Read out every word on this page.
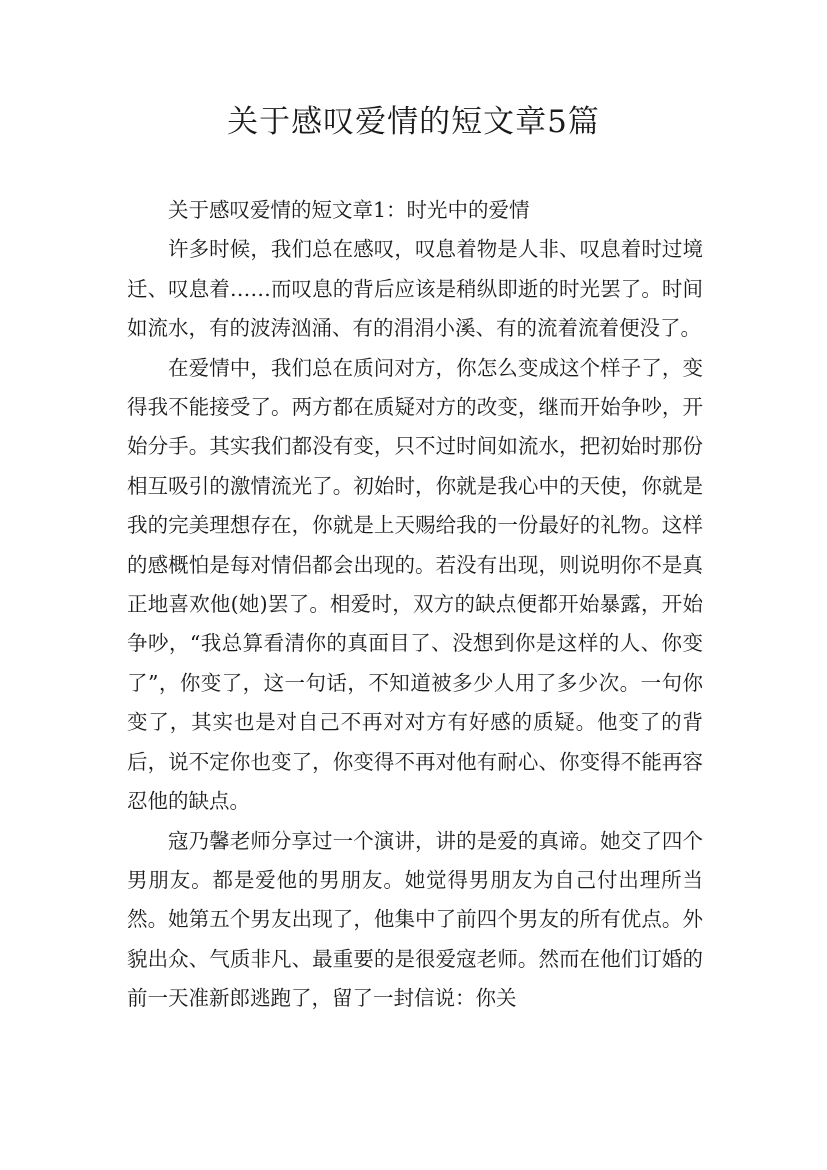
关于感叹爱情的短文章5篇

关于感叹爱情的短文章1：时光中的爱情

许多时候，我们总在感叹，叹息着物是人非、叹息着时过境迁、叹息着……而叹息的背后应该是稍纵即逝的时光罢了。时间如流水，有的波涛汹涌、有的涓涓小溪、有的流着流着便没了。

在爱情中，我们总在质问对方，你怎么变成这个样子了，变得我不能接受了。两方都在质疑对方的改变，继而开始争吵，开始分手。其实我们都没有变，只不过时间如流水，把初始时那份相互吸引的激情流光了。初始时，你就是我心中的天使，你就是我的完美理想存在，你就是上天赐给我的一份最好的礼物。这样的感概怕是每对情侣都会出现的。若没有出现，则说明你不是真正地喜欢他(她)罢了。相爱时，双方的缺点便都开始暴露，开始争吵，“我总算看清你的真面目了、没想到你是这样的人、你变了”，你变了，这一句话，不知道被多少人用了多少次。一句你变了，其实也是对自己不再对对方有好感的质疑。他变了的背后，说不定你也变了，你变得不再对他有耐心、你变得不能再容忍他的缺点。

寇乃馨老师分享过一个演讲，讲的是爱的真谛。她交了四个男朋友。都是爱他的男朋友。她觉得男朋友为自己付出理所当然。她第五个男友出现了，他集中了前四个男友的所有优点。外貌出众、气质非凡、最重要的是很爱寇老师。然而在他们订婚的前一天准新郎逃跑了，留了一封信说：你关
